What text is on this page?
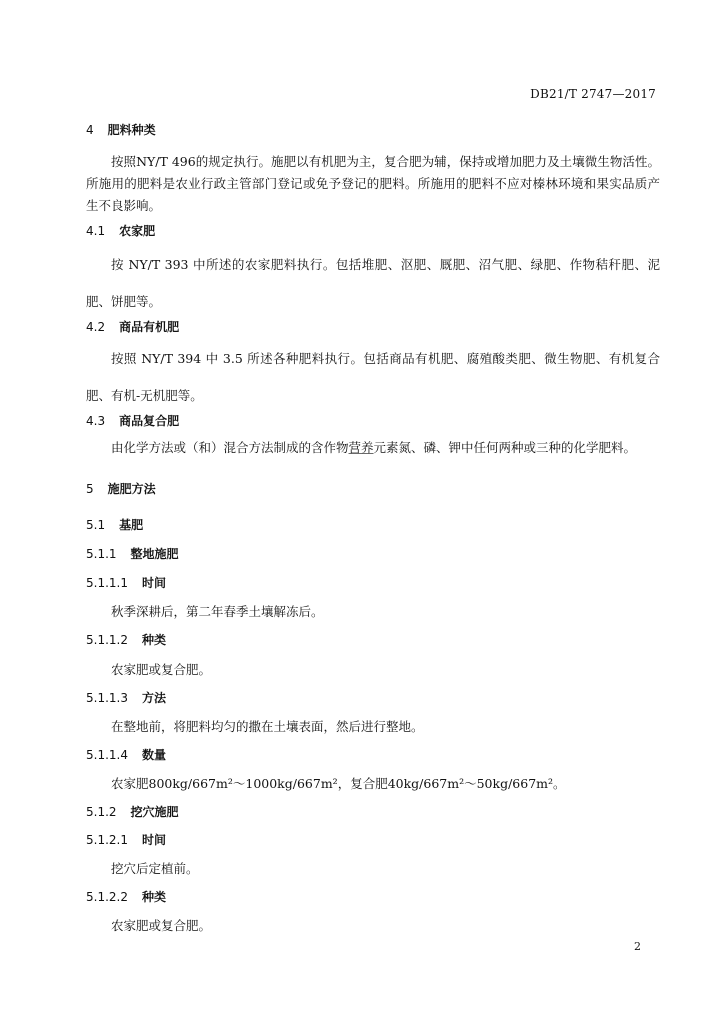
DB21/T 2747—2017
4 肥料种类
按照NY/T 496的规定执行。施肥以有机肥为主，复合肥为辅，保持或增加肥力及土壤微生物活性。所施用的肥料是农业行政主管部门登记或免予登记的肥料。所施用的肥料不应对榛林环境和果实品质产生不良影响。
4.1 农家肥
按 NY/T 393 中所述的农家肥料执行。包括堆肥、沤肥、厩肥、沼气肥、绿肥、作物秸秆肥、泥肥、饼肥等。
4.2 商品有机肥
按照 NY/T 394 中 3.5 所述各种肥料执行。包括商品有机肥、腐殖酸类肥、微生物肥、有机复合肥、有机-无机肥等。
4.3 商品复合肥
由化学方法或（和）混合方法制成的含作物营养元素氮、磷、钾中任何两种或三种的化学肥料。
5 施肥方法
5.1 基肥
5.1.1 整地施肥
5.1.1.1 时间
秋季深耕后，第二年春季土壤解冻后。
5.1.1.2 种类
农家肥或复合肥。
5.1.1.3 方法
在整地前，将肥料均匀的撒在土壤表面，然后进行整地。
5.1.1.4 数量
农家肥800kg/667m²～1000kg/667m²，复合肥40kg/667m²～50kg/667m²。
5.1.2 挖穴施肥
5.1.2.1 时间
挖穴后定植前。
5.1.2.2 种类
农家肥或复合肥。
2
